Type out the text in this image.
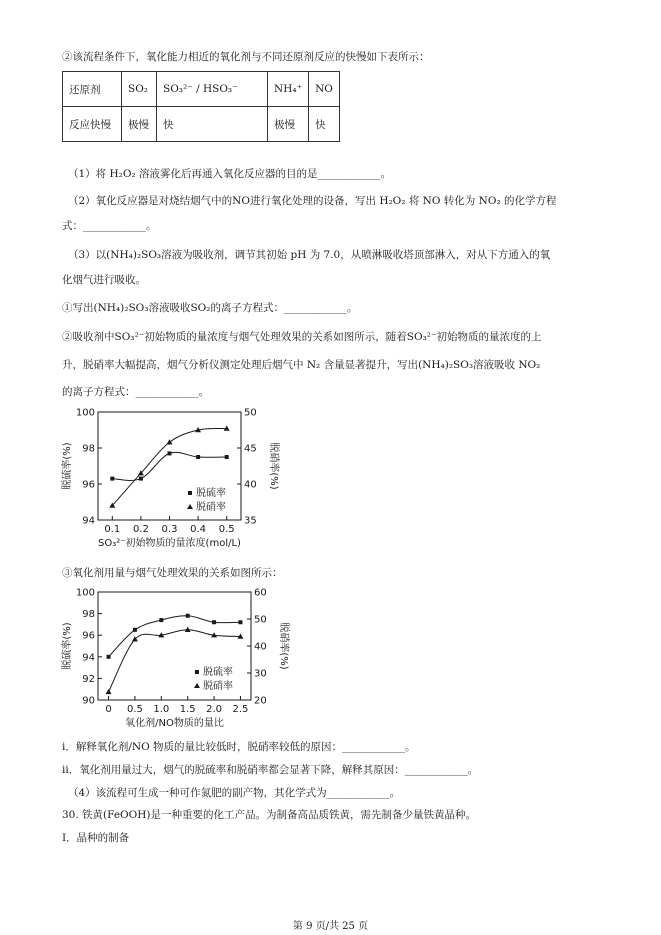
②该流程条件下，氧化能力相近的氧化剂与不同还原剂反应的快慢如下表所示：
还原剂	SO₂	SO₃²⁻ / HSO₃⁻	NH₄⁺	NO
反应快慢	极慢	快	极慢	快
（1）将 H₂O₂ 溶液雾化后再通入氧化反应器的目的是____________。
（2）氧化反应器是对烧结烟气中的NO进行氧化处理的设备，写出 H₂O₂ 将 NO 转化为 NO₂ 的化学方程
式：____________。
（3）以(NH₄)₂SO₃溶液为吸收剂，调节其初始 pH 为 7.0，从喷淋吸收塔顶部淋入，对从下方通入的氧
化烟气进行吸收。
①写出(NH₄)₂SO₃溶液吸收SO₂的离子方程式：____________。
②吸收剂中SO₃²⁻初始物质的量浓度与烟气处理效果的关系如图所示，随着SO₃²⁻初始物质的量浓度的上
升，脱硝率大幅提高，烟气分析仪测定处理后烟气中 N₂ 含量显著提升，写出(NH₄)₂SO₃溶液吸收 NO₂
的离子方程式：____________。
0.1 0.2 0.3 0.4 0.5
94
96
98
100
35
40
45
50
SO₃²⁻初始物质的量浓度(mol/L)
脱硫率(%)	脱硝率(%)
脱硫率
脱硝率
③氧化剂用量与烟气处理效果的关系如图所示：
0 0.5 1.0 1.5 2.0 2.5
90
92
94
96
98
100
20
30
40
50
60
氧化剂/NO物质的量比
脱硫率(%)	脱硝率(%)
脱硫率
脱硝率
i．解释氧化剂/NO 物质的量比较低时，脱硝率较低的原因：____________。
ii．氧化剂用量过大，烟气的脱硫率和脱硝率都会显著下降，解释其原因：____________。
（4）该流程可生成一种可作氮肥的副产物，其化学式为____________。
30. 铁黄(FeOOH)是一种重要的化工产品。为制备高品质铁黄，需先制备少量铁黄晶种。
I．晶种的制备
第 9 页/共 25 页
